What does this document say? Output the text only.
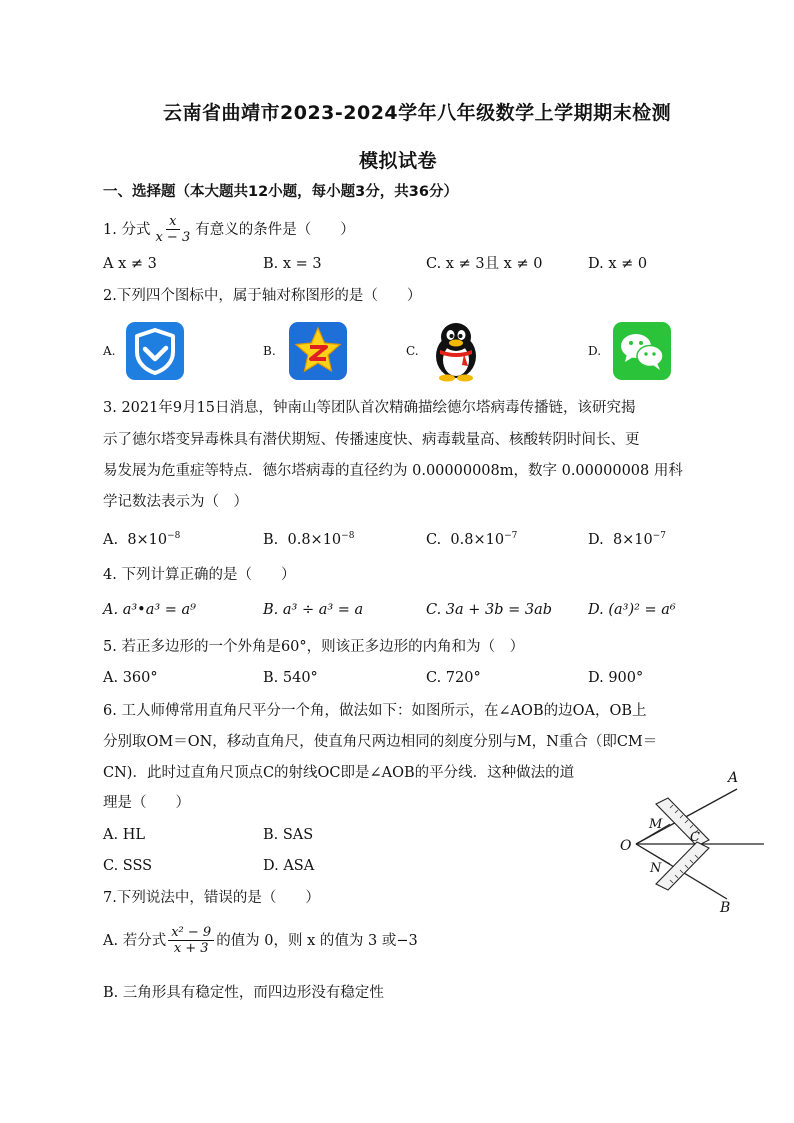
云南省曲靖市2023-2024学年八年级数学上学期期末检测
模拟试卷
一、选择题（本大题共12小题，每小题3分，共36分）
1. 分式 $\frac{x}{x - 3}$ 有意义的条件是（　　）
A x ≠ 3	B. x = 3	C. x ≠ 3且 x ≠ 0	D. x ≠ 0
2.下列四个图标中，属于轴对称图形的是（　　）
A.	B.	C.	D.
3. 2021年9月15日消息，钟南山等团队首次精确描绘德尔塔病毒传播链，该研究揭
示了德尔塔变异毒株具有潜伏期短、传播速度快、病毒载量高、核酸转阴时间长、更
易发展为危重症等特点．德尔塔病毒的直径约为 0.00000008m，数字 0.00000008 用科
学记数法表示为（　）
A. $8\times 10^{-8}$	B. $0.8\times 10^{-8}$	C. $0.8\times 10^{-7}$	D. $8\times 10^{-7}$
4. 下列计算正确的是（　　）
A. a³•a³ = a⁹	B. a³ ÷ a³ = a	C. 3a + 3b = 3ab D. (a³)² = a⁶
5. 若正多边形的一个外角是60°，则该正多边形的内角和为（　）
A. 360°	B. 540°	C. 720°	D. 900°
6. 工人师傅常用直角尺平分一个角，做法如下：如图所示，在∠AOB的边OA，OB上
分别取OM＝ON，移动直角尺，使直角尺两边相同的刻度分别与M，N重合（即CM＝
CN)．此时过直角尺顶点C的射线OC即是∠AOB的平分线．这种做法的道
理是（　　）
A. HL	B. SAS
C. SSS	D. ASA
O
A
B
M
N
C
7.下列说法中，错误的是（　　）
A. 若分式 $\frac{\text{x² − 9}}{x + 3}$ 的值为 0，则 x 的值为 3 或−3
B. 三角形具有稳定性，而四边形没有稳定性
